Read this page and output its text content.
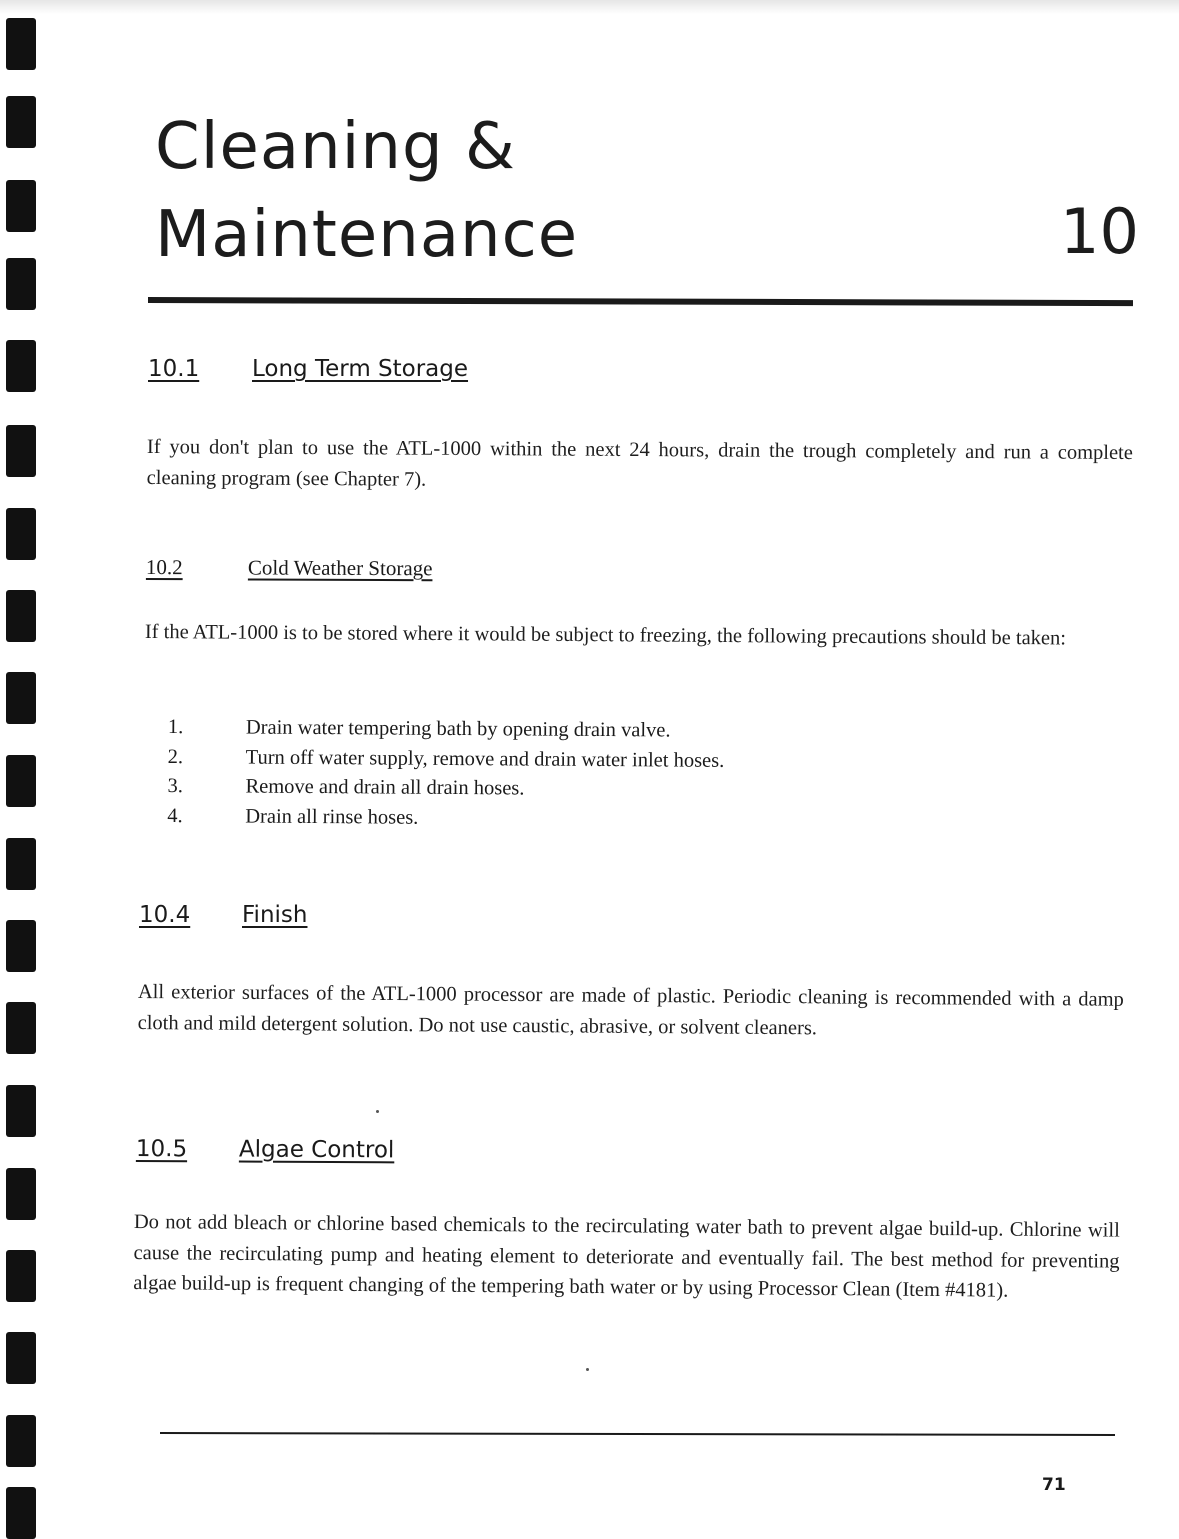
Cleaning &
Maintenance	10
10.1 Long Term Storage

If you don't plan to use the ATL-1000 within the next 24 hours, drain the trough completely and run a complete cleaning program (see Chapter 7).

10.2	Cold Weather Storage

If the ATL-1000 is to be stored where it would be subject to freezing, the following precautions should be taken:

1.	Drain water tempering bath by opening drain valve.
2.	Turn off water supply, remove and drain water inlet hoses.
3.	Remove and drain all drain hoses.
4.	Drain all rinse hoses.
10.4 Finish

All exterior surfaces of the ATL-1000 processor are made of plastic. Periodic cleaning is recommended with a damp cloth and mild detergent solution. Do not use caustic, abrasive, or solvent cleaners.

10.5 Algae Control

Do not add bleach or chlorine based chemicals to the recirculating water bath to prevent algae build-up. Chlorine will cause the recirculating pump and heating element to deteriorate and eventually fail. The best method for preventing algae build-up is frequent changing of the tempering bath water or by using Processor Clean (Item #4181).

71
